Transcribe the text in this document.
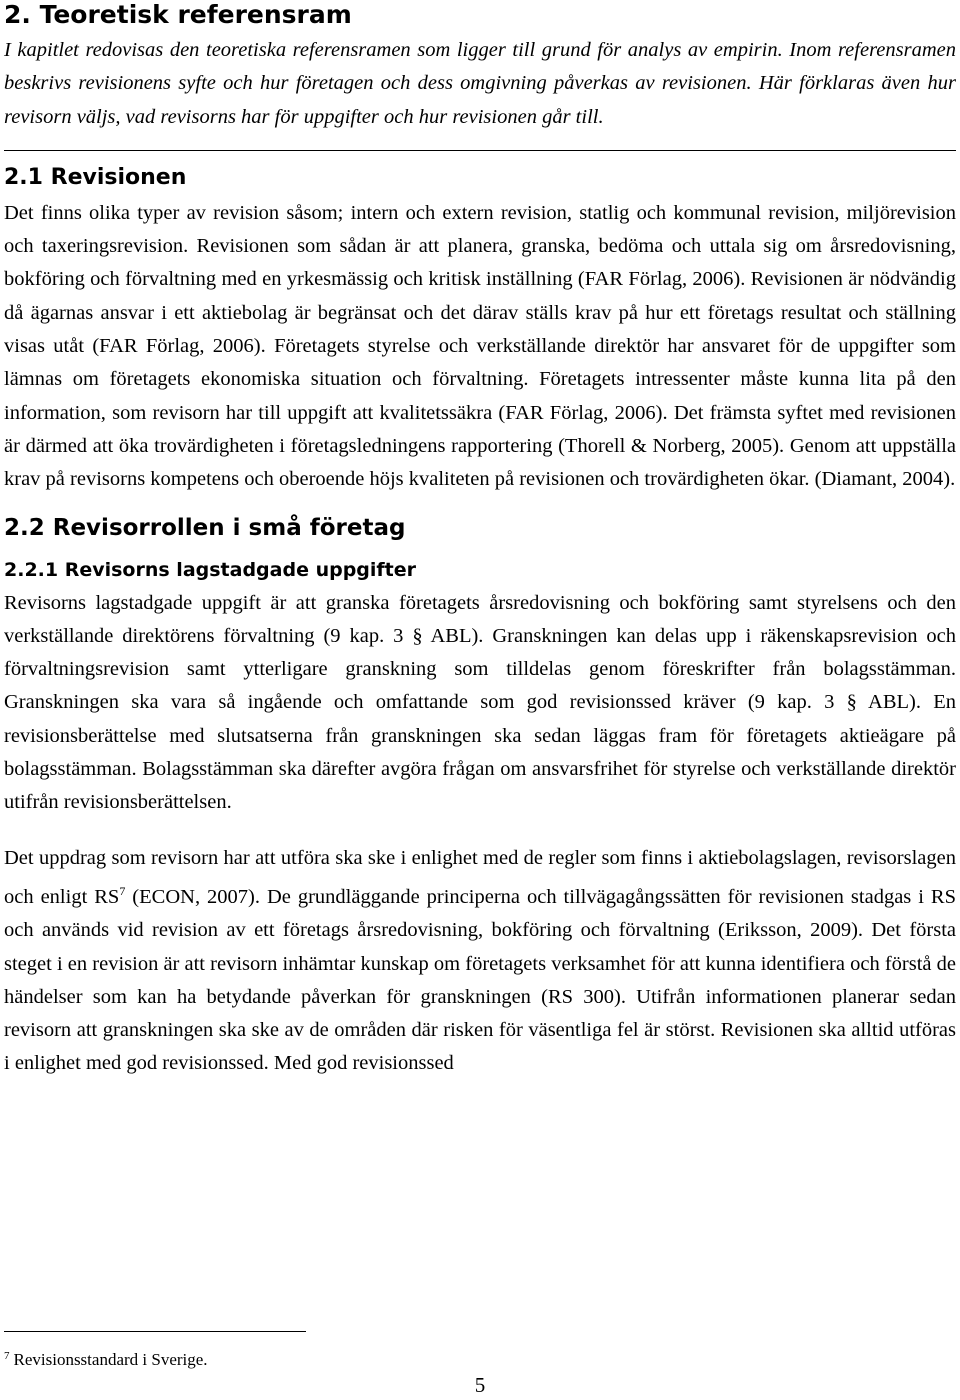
2. Teoretisk referensram

I kapitlet redovisas den teoretiska referensramen som ligger till grund för analys av empirin. Inom referensramen beskrivs revisionens syfte och hur företagen och dess omgivning påverkas av revisionen. Här förklaras även hur revisorn väljs, vad revisorns har för uppgifter och hur revisionen går till.

2.1 Revisionen

Det finns olika typer av revision såsom; intern och extern revision, statlig och kommunal revision, miljörevision och taxeringsrevision. Revisionen som sådan är att planera, granska, bedöma och uttala sig om årsredovisning, bokföring och förvaltning med en yrkesmässig och kritisk inställning (FAR Förlag, 2006). Revisionen är nödvändig då ägarnas ansvar i ett aktiebolag är begränsat och det därav ställs krav på hur ett företags resultat och ställning visas utåt (FAR Förlag, 2006). Företagets styrelse och verkställande direktör har ansvaret för de uppgifter som lämnas om företagets ekonomiska situation och förvaltning. Företagets intressenter måste kunna lita på den information, som revisorn har till uppgift att kvalitetssäkra (FAR Förlag, 2006). Det främsta syftet med revisionen är därmed att öka trovärdigheten i företagsledningens rapportering (Thorell & Norberg, 2005). Genom att uppställa krav på revisorns kompetens och oberoende höjs kvaliteten på revisionen och trovärdigheten ökar. (Diamant, 2004).

2.2 Revisorrollen i små företag
2.2.1 Revisorns lagstadgade uppgifter

Revisorns lagstadgade uppgift är att granska företagets årsredovisning och bokföring samt styrelsens och den verkställande direktörens förvaltning (9 kap. 3 § ABL). Granskningen kan delas upp i räkenskapsrevision och förvaltningsrevision samt ytterligare granskning som tilldelas genom föreskrifter från bolagsstämman. Granskningen ska vara så ingående och omfattande som god revisionssed kräver (9 kap. 3 § ABL). En revisionsberättelse med slutsatserna från granskningen ska sedan läggas fram för företagets aktieägare på bolagsstämman. Bolagsstämman ska därefter avgöra frågan om ansvarsfrihet för styrelse och verkställande direktör utifrån revisionsberättelsen.

Det uppdrag som revisorn har att utföra ska ske i enlighet med de regler som finns i aktiebolagslagen, revisorslagen och enligt RS$^7$ (ECON, 2007). De grundläggande principerna och tillvägagångssätten för revisionen stadgas i RS och används vid revision av ett företags årsredovisning, bokföring och förvaltning (Eriksson, 2009). Det första steget i en revision är att revisorn inhämtar kunskap om företagets verksamhet för att kunna identifiera och förstå de händelser som kan ha betydande påverkan för granskningen (RS 300). Utifrån informationen planerar sedan revisorn att granskningen ska ske av de områden där risken för väsentliga fel är störst. Revisionen ska alltid utföras i enlighet med god revisionssed. Med god revisionssed

$^7$ Revisionsstandard i Sverige.
5
